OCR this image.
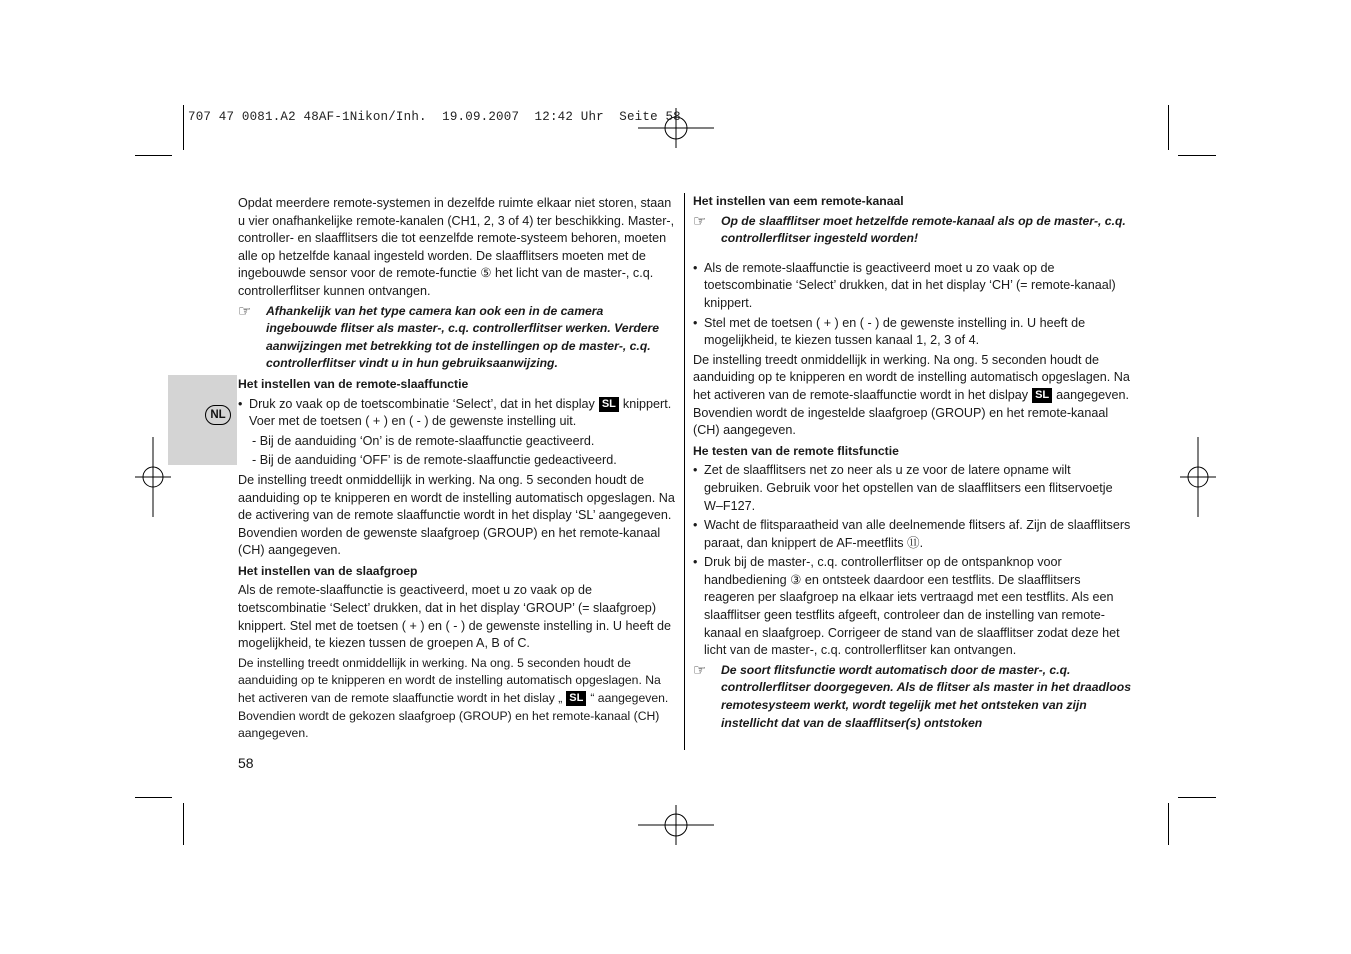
707 47 0081.A2 48AF-1Nikon/Inh.  19.09.2007  12:42 Uhr  Seite 58
NL

Opdat meerdere remote-systemen in dezelfde ruimte elkaar niet storen, staan u vier onafhankelijke remote-kanalen (CH1, 2, 3 of 4) ter beschikking. Master-, controller- en slaafflitsers die tot eenzelfde remote-systeem behoren, moeten alle op hetzelfde kanaal ingesteld worden. De slaafflitsers moeten met de ingebouwde sensor voor de remote-functie ⑤ het licht van de master-, c.q. controllerflitser kunnen ontvangen.

☞	Afhankelijk van het type camera kan ook een in de camera ingebouwde flitser als master-, c.q. controllerflitser werken. Verdere aanwijzingen met betrekking tot de instellingen op de master-, c.q. controllerflitser vindt u in hun gebruiksaanwijzing.

Het instellen van de remote-slaaffunctie

• Druk zo vaak op de toetscombinatie ‘Select’, dat in het display SL knippert. Voer met de toetsen ( + ) en ( - ) de gewenste instelling uit.

- Bij de aanduiding ‘On’ is de remote-slaaffunctie geactiveerd.

- Bij de aanduiding ‘OFF’ is de remote-slaaffunctie gedeactiveerd.

De instelling treedt onmiddellijk in werking. Na ong. 5 seconden houdt de aanduiding op te knipperen en wordt de instelling automatisch opgeslagen. Na de activering van de remote slaaffunctie wordt in het display ‘SL’ aangegeven. Bovendien worden de gewenste slaafgroep (GROUP) en het remote-kanaal (CH) aangegeven.

Het instellen van de slaafgroep

Als de remote-slaaffunctie is geactiveerd, moet u zo vaak op de toetscombinatie ‘Select’ drukken, dat in het display ‘GROUP’ (= slaafgroep) knippert. Stel met de toetsen ( + ) en ( - ) de gewenste instelling in. U heeft de mogelijkheid, te kiezen tussen de groepen A, B of C.

De instelling treedt onmiddellijk in werking. Na ong. 5 seconden houdt de aanduiding op te knipperen en wordt de instelling automatisch opgeslagen. Na het activeren van de remote slaaffunctie wordt in het dislay „ SL “ aangegeven. Bovendien wordt de gekozen slaafgroep (GROUP) en het remote-kanaal (CH) aangegeven.

58

Het instellen van eem remote-kanaal

☞	Op de slaafflitser moet hetzelfde remote-kanaal als op de master-, c.q. controllerflitser ingesteld worden!
• Als de remote-slaaffunctie is geactiveerd moet u zo vaak op de toetscombinatie ‘Select’ drukken, dat in het display ‘CH’ (= remote-kanaal) knippert.
• Stel met de toetsen ( + ) en ( - ) de gewenste instelling in. U heeft de mogelijkheid, te kiezen tussen kanaal 1, 2, 3 of 4.

De instelling treedt onmiddellijk in werking. Na ong. 5 seconden houdt de aanduiding op te knipperen en wordt de instelling automatisch opgeslagen. Na het activeren van de remote-slaaffunctie wordt in het dislpay SL aangegeven. Bovendien wordt de ingestelde slaafgroep (GROUP) en het remote-kanaal (CH) aangegeven.

He testen van de remote flitsfunctie

• Zet de slaafflitsers net zo neer als u ze voor de latere opname wilt gebruiken. Gebruik voor het opstellen van de slaafflitsers een flitservoetje W–F127.
• Wacht de flitsparaatheid van alle deelnemende flitsers af. Zijn de slaafflitsers paraat, dan knippert de AF-meetflits ⑪.
• Druk bij de master-, c.q. controllerflitser op de ontspanknop voor handbediening ③ en ontsteek daardoor een testflits. De slaafflitsers reageren per slaafgroep na elkaar iets vertraagd met een testflits. Als een slaafflitser geen testflits afgeeft, controleer dan de instelling van remote-kanaal en slaafgroep. Corrigeer de stand van de slaafflitser zodat deze het licht van de master-, c.q. controllerflitser kan ontvangen.
☞	De soort flitsfunctie wordt automatisch door de master-, c.q. controllerflitser doorgegeven. Als de flitser als master in het draadloos remotesysteem werkt, wordt tegelijk met het ontsteken van zijn instellicht dat van de slaafflitser(s) ontstoken
